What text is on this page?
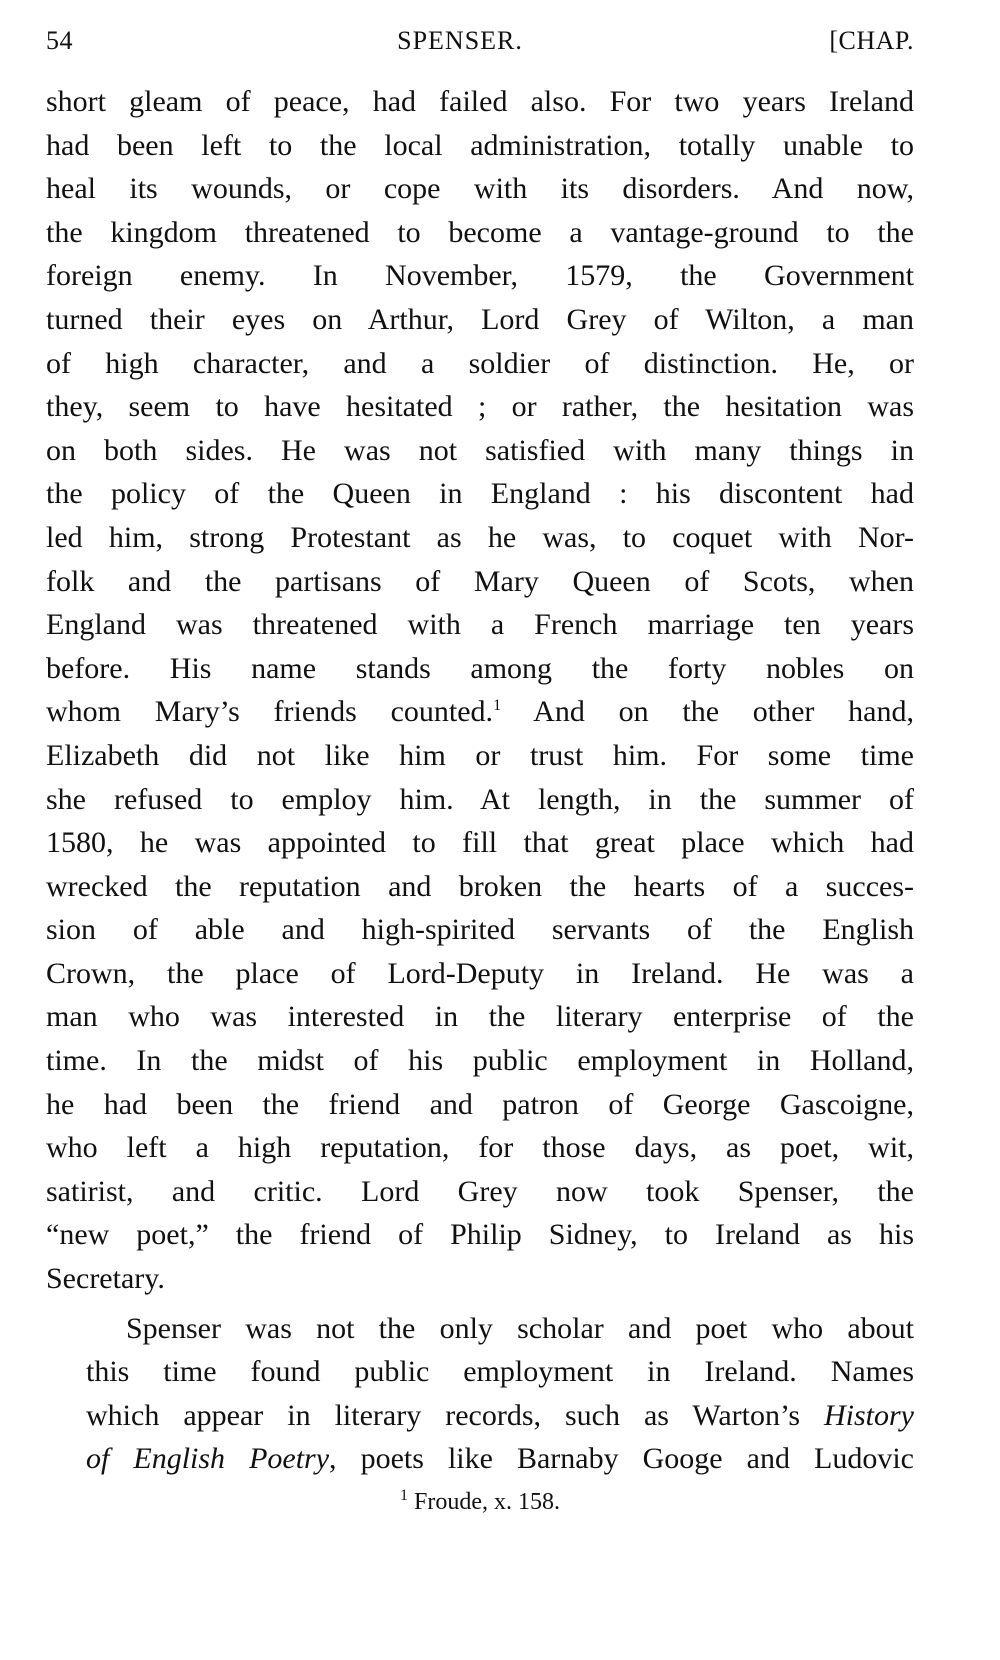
54	SPENSER.	[CHAP.

short gleam of peace, had failed also. For two years Ireland
had been left to the local administration, totally unable to
heal its wounds, or cope with its disorders. And now,
the kingdom threatened to become a vantage-ground to the
foreign enemy. In November, 1579, the Government
turned their eyes on Arthur, Lord Grey of Wilton, a man
of high character, and a soldier of distinction. He, or
they, seem to have hesitated ; or rather, the hesitation was
on both sides. He was not satisfied with many things in
the policy of the Queen in England : his discontent had
led him, strong Protestant as he was, to coquet with Nor-
folk and the partisans of Mary Queen of Scots, when
England was threatened with a French marriage ten years
before. His name stands among the forty nobles on
whom Mary’s friends counted.$^1$ And on the other hand,
Elizabeth did not like him or trust him. For some time
she refused to employ him. At length, in the summer of
1580, he was appointed to fill that great place which had
wrecked the reputation and broken the hearts of a succes-
sion of able and high-spirited servants of the English
Crown, the place of Lord-Deputy in Ireland. He was a
man who was interested in the literary enterprise of the
time. In the midst of his public employment in Holland,
he had been the friend and patron of George Gascoigne,
who left a high reputation, for those days, as poet, wit,
satirist, and critic. Lord Grey now took Spenser, the
“new poet,” the friend of Philip Sidney, to Ireland as his
Secretary.

Spenser was not the only scholar and poet who about
this time found public employment in Ireland. Names
which appear in literary records, such as Warton’s History
of English Poetry, poets like Barnaby Googe and Ludovic

$^1$ Froude, x. 158.
